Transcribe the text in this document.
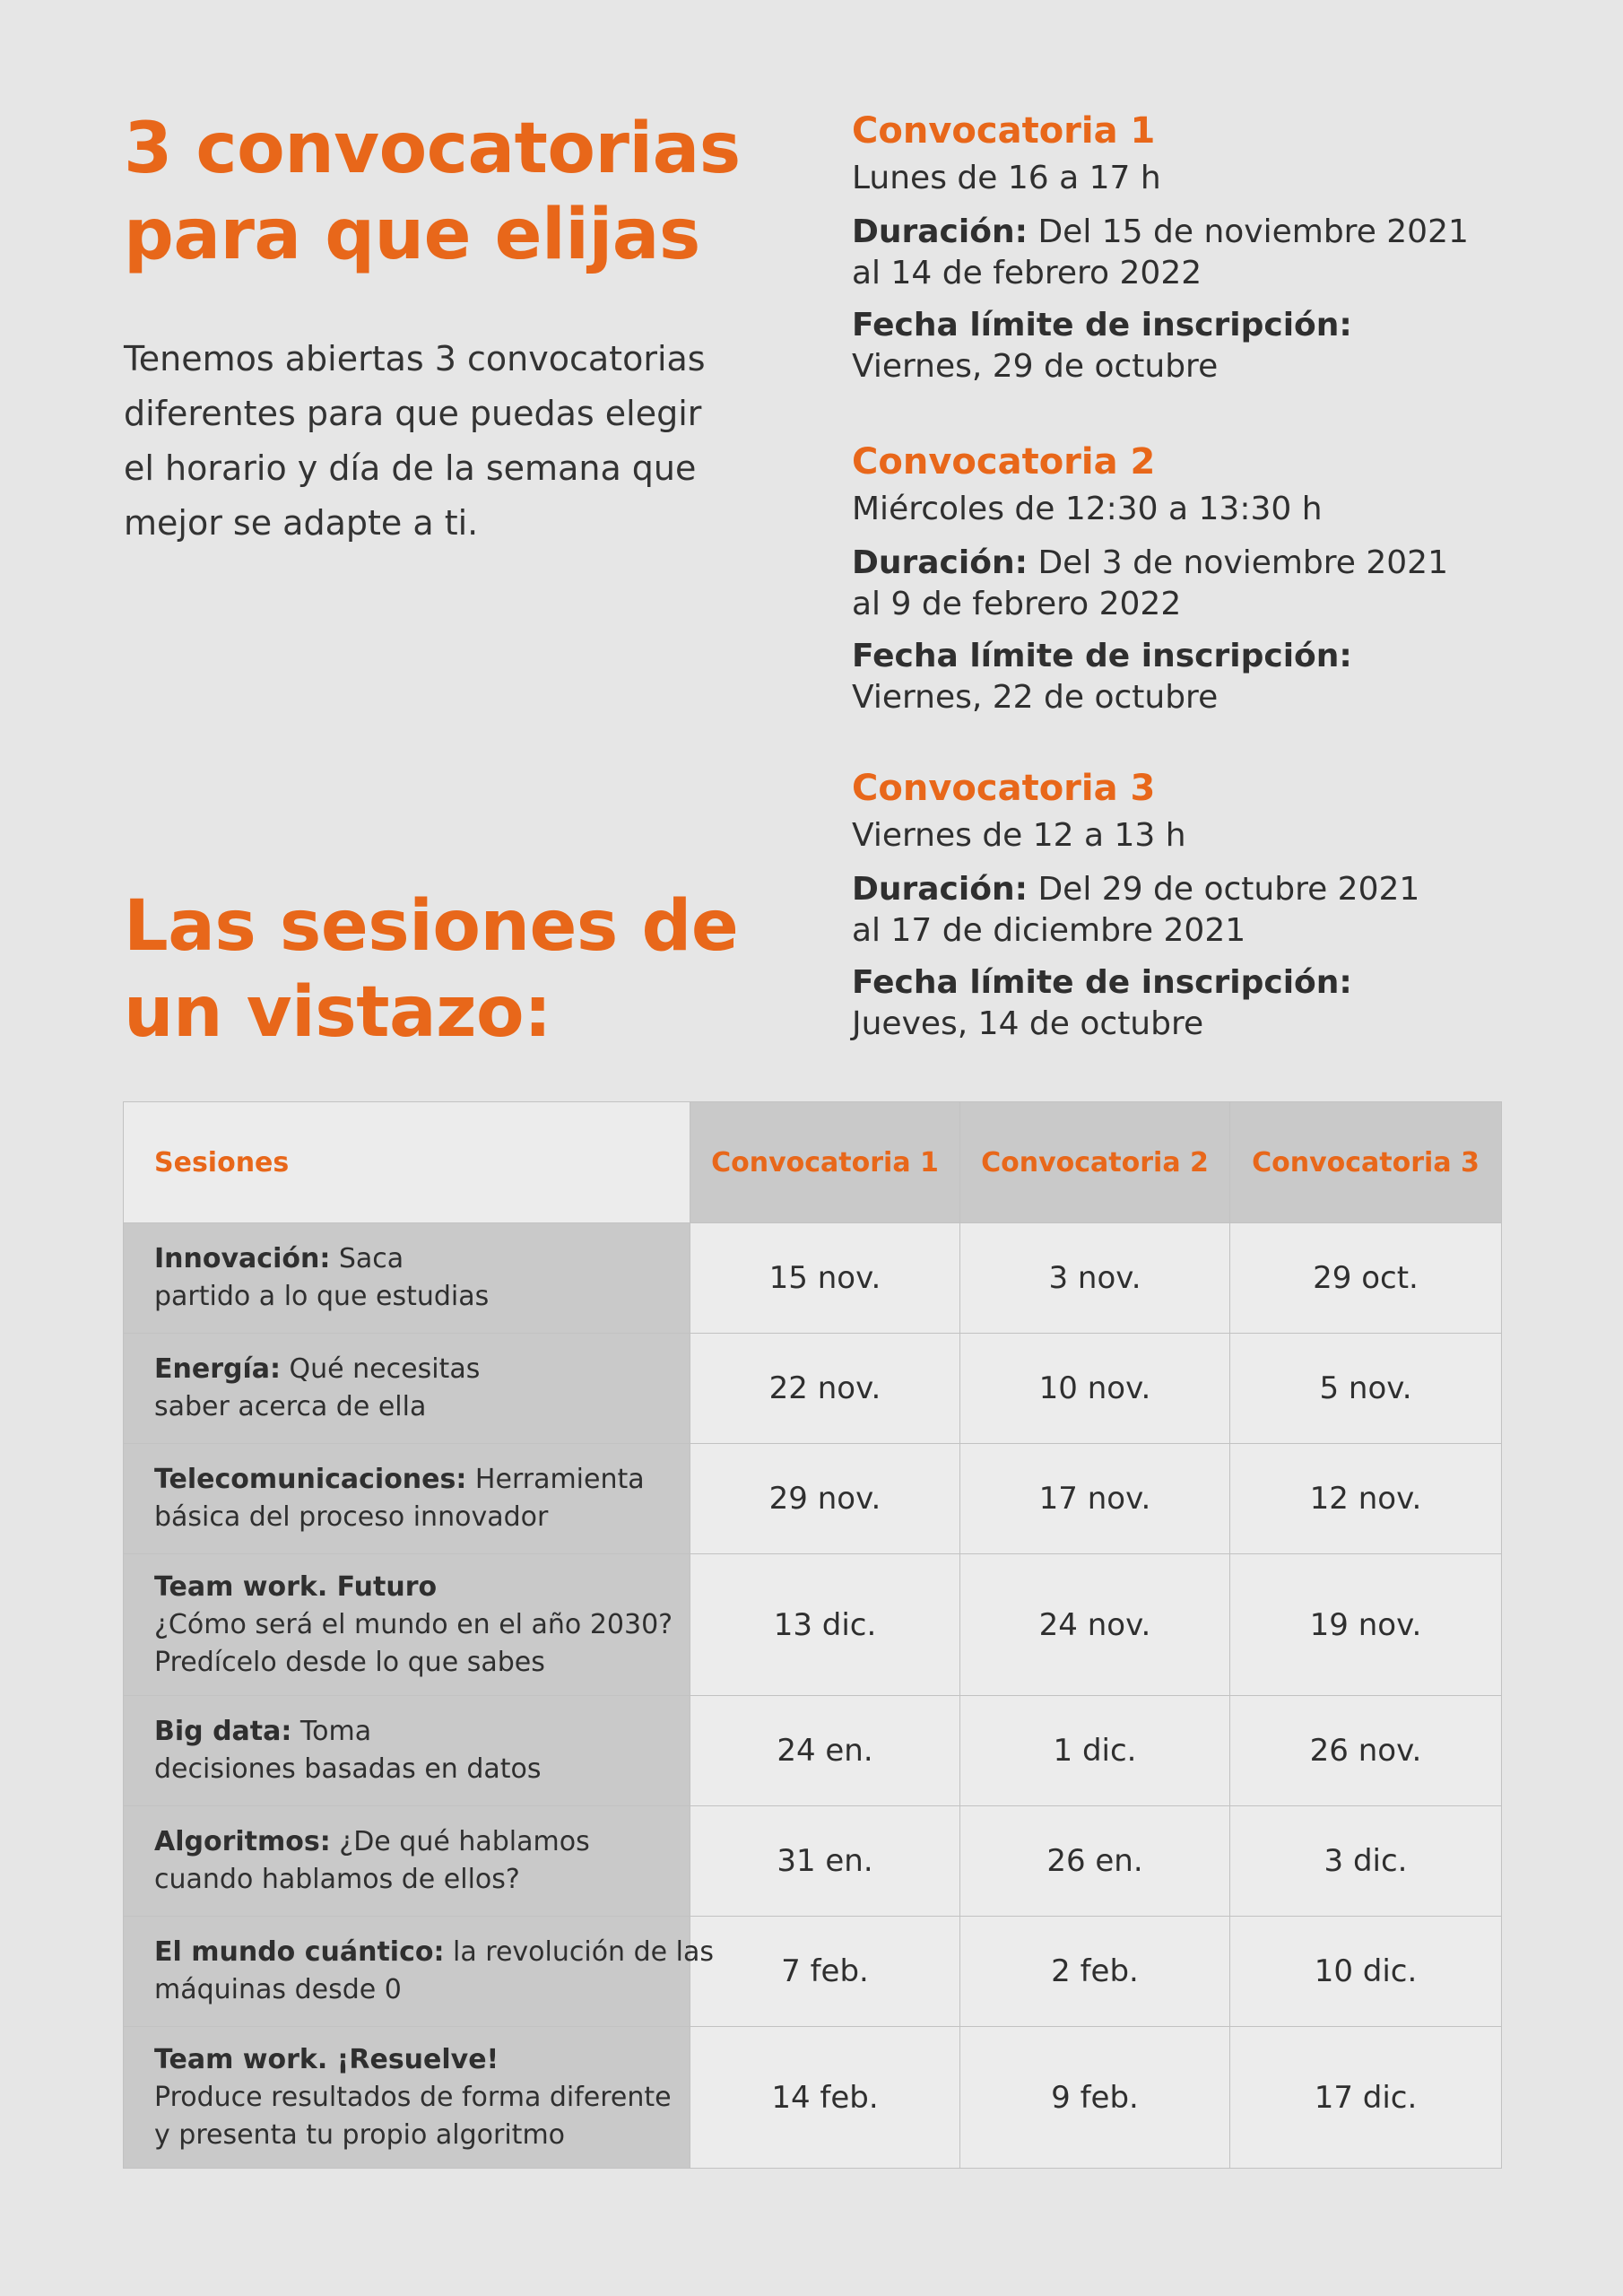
3 convocatorias
para que elijas

Tenemos abiertas 3 convocatorias
diferentes para que puedas elegir
el horario y día de la semana que
mejor se adapte a ti.

Convocatoria 1
Lunes de 16 a 17 h

Duración: Del 15 de noviembre 2021
al 14 de febrero 2022

Fecha límite de inscripción:
Viernes, 29 de octubre

Convocatoria 2
Miércoles de 12:30 a 13:30 h

Duración: Del 3 de noviembre 2021
al 9 de febrero 2022

Fecha límite de inscripción:
Viernes, 22 de octubre

Convocatoria 3
Viernes de 12 a 13 h

Duración: Del 29 de octubre 2021
al 17 de diciembre 2021

Fecha límite de inscripción:
Jueves, 14 de octubre

Las sesiones de
un vistazo:
Sesiones	Convocatoria 1	Convocatoria 2	Convocatoria 3

Innovación: Saca
partido a lo que estudias	15 nov.	3 nov.	29 oct.

Energía: Qué necesitas
saber acerca de ella	22 nov.	10 nov.	5 nov.

Telecomunicaciones: Herramienta
básica del proceso innovador	29 nov.	17 nov.	12 nov.

Team work. Futuro
¿Cómo será el mundo en el año 2030?
Predícelo desde lo que sabes	13 dic.	24 nov.	19 nov.

Big data: Toma
decisiones basadas en datos	24 en.	1 dic.	26 nov.

Algoritmos: ¿De qué hablamos
cuando hablamos de ellos?	31 en.	26 en.	3 dic.

El mundo cuántico: la revolución de las
máquinas desde 0	7 feb.	2 feb.	10 dic.

Team work. ¡Resuelve!
Produce resultados de forma diferente
y presenta tu propio algoritmo	14 feb.	9 feb.	17 dic.
